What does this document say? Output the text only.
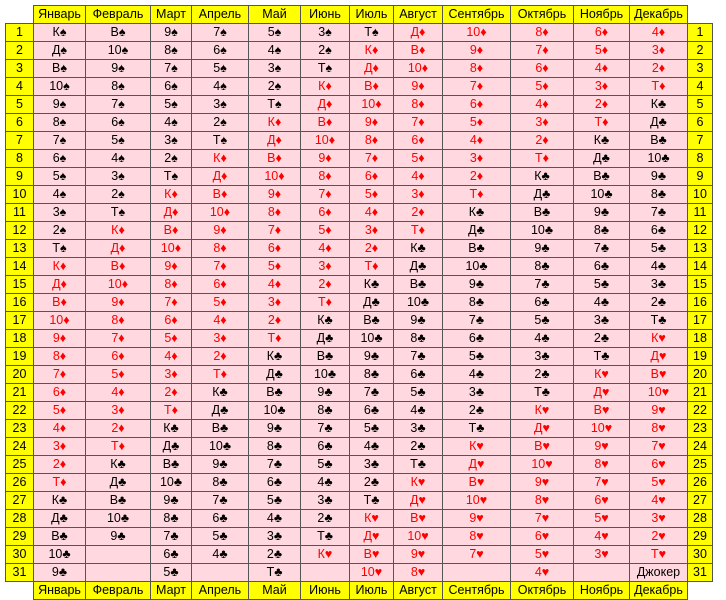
	Январь	Февраль	Март	Апрель	Май	Июнь	Июль	Август	Сентябрь	Октябрь	Ноябрь	Декабрь	
1	К♠	В♠	9♠	7♠	5♠	3♠	Т♠	Д♦	10♦	8♦	6♦	4♦	1
2	Д♠	10♠	8♠	6♠	4♠	2♠	К♦	В♦	9♦	7♦	5♦	3♦	2
3	В♠	9♠	7♠	5♠	3♠	Т♠	Д♦	10♦	8♦	6♦	4♦	2♦	3
4	10♠	8♠	6♠	4♠	2♠	К♦	В♦	9♦	7♦	5♦	3♦	Т♦	4
5	9♠	7♠	5♠	3♠	Т♠	Д♦	10♦	8♦	6♦	4♦	2♦	К♣	5
6	8♠	6♠	4♠	2♠	К♦	В♦	9♦	7♦	5♦	3♦	Т♦	Д♣	6
7	7♠	5♠	3♠	Т♠	Д♦	10♦	8♦	6♦	4♦	2♦	К♣	В♣	7
8	6♠	4♠	2♠	К♦	В♦	9♦	7♦	5♦	3♦	Т♦	Д♣	10♣	8
9	5♠	3♠	Т♠	Д♦	10♦	8♦	6♦	4♦	2♦	К♣	В♣	9♣	9
10	4♠	2♠	К♦	В♦	9♦	7♦	5♦	3♦	Т♦	Д♣	10♣	8♣	10
11	3♠	Т♠	Д♦	10♦	8♦	6♦	4♦	2♦	К♣	В♣	9♣	7♣	11
12	2♠	К♦	В♦	9♦	7♦	5♦	3♦	Т♦	Д♣	10♣	8♣	6♣	12
13	Т♠	Д♦	10♦	8♦	6♦	4♦	2♦	К♣	В♣	9♣	7♣	5♣	13
14	К♦	В♦	9♦	7♦	5♦	3♦	Т♦	Д♣	10♣	8♣	6♣	4♣	14
15	Д♦	10♦	8♦	6♦	4♦	2♦	К♣	В♣	9♣	7♣	5♣	3♣	15
16	В♦	9♦	7♦	5♦	3♦	Т♦	Д♣	10♣	8♣	6♣	4♣	2♣	16
17	10♦	8♦	6♦	4♦	2♦	К♣	В♣	9♣	7♣	5♣	3♣	Т♣	17
18	9♦	7♦	5♦	3♦	Т♦	Д♣	10♣	8♣	6♣	4♣	2♣	К♥	18
19	8♦	6♦	4♦	2♦	К♣	В♣	9♣	7♣	5♣	3♣	Т♣	Д♥	19
20	7♦	5♦	3♦	Т♦	Д♣	10♣	8♣	6♣	4♣	2♣	К♥	В♥	20
21	6♦	4♦	2♦	К♣	В♣	9♣	7♣	5♣	3♣	Т♣	Д♥	10♥	21
22	5♦	3♦	Т♦	Д♣	10♣	8♣	6♣	4♣	2♣	К♥	В♥	9♥	22
23	4♦	2♦	К♣	В♣	9♣	7♣	5♣	3♣	Т♣	Д♥	10♥	8♥	23
24	3♦	Т♦	Д♣	10♣	8♣	6♣	4♣	2♣	К♥	В♥	9♥	7♥	24
25	2♦	К♣	В♣	9♣	7♣	5♣	3♣	Т♣	Д♥	10♥	8♥	6♥	25
26	Т♦	Д♣	10♣	8♣	6♣	4♣	2♣	К♥	В♥	9♥	7♥	5♥	26
27	К♣	В♣	9♣	7♣	5♣	3♣	Т♣	Д♥	10♥	8♥	6♥	4♥	27
28	Д♣	10♣	8♣	6♣	4♣	2♣	К♥	В♥	9♥	7♥	5♥	3♥	28
29	В♣	9♣	7♣	5♣	3♣	Т♣	Д♥	10♥	8♥	6♥	4♥	2♥	29
30	10♣		6♣	4♣	2♣	К♥	В♥	9♥	7♥	5♥	3♥	Т♥	30
31	9♣		5♣		Т♣		10♥	8♥		4♥		Джокер	31
	Январь	Февраль	Март	Апрель	Май	Июнь	Июль	Август	Сентябрь	Октябрь	Ноябрь	Декабрь	
